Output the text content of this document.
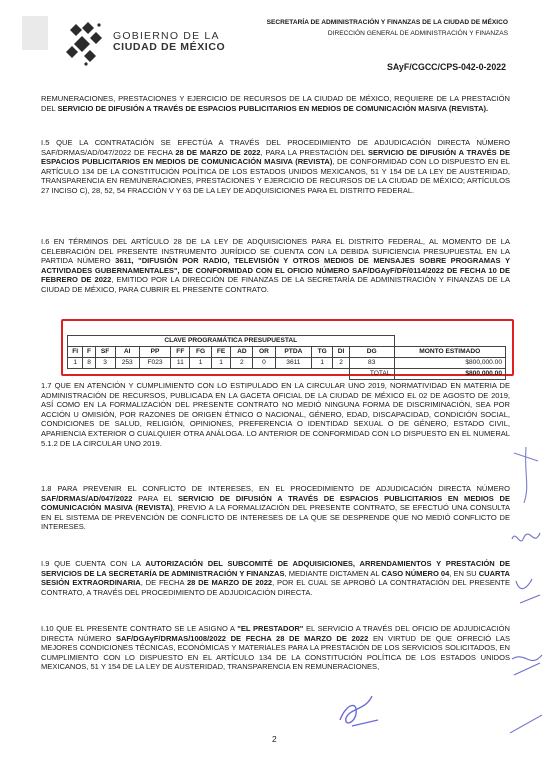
GOBIERNO DE LA
CIUDAD DE MÉXICO
SECRETARÍA DE ADMINISTRACIÓN Y FINANZAS DE LA CIUDAD DE MÉXICO
DIRECCIÓN GENERAL DE ADMINISTRACIÓN Y FINANZAS
SAyF/CGCC/CPS-042-0-2022

REMUNERACIONES, PRESTACIONES Y EJERCICIO DE RECURSOS DE LA CIUDAD DE MÉXICO, REQUIERE DE LA PRESTACIÓN DEL SERVICIO DE DIFUSIÓN A TRAVÉS DE ESPACIOS PUBLICITARIOS EN MEDIOS DE COMUNICACIÓN MASIVA (REVISTA).

I.5 QUE LA CONTRATACIÓN SE EFECTÚA A TRAVÉS DEL PROCEDIMIENTO DE ADJUDICACIÓN DIRECTA NÚMERO SAF/DRMAS/AD/047/2022 DE FECHA 28 DE MARZO DE 2022, PARA LA PRESTACIÓN DEL SERVICIO DE DIFUSIÓN A TRAVÉS DE ESPACIOS PUBLICITARIOS EN MEDIOS DE COMUNICACIÓN MASIVA (REVISTA), DE CONFORMIDAD CON LO DISPUESTO EN EL ARTÍCULO 134 DE LA CONSTITUCIÓN POLÍTICA DE LOS ESTADOS UNIDOS MEXICANOS, 51 Y 154 DE LA LEY DE AUSTERIDAD, TRANSPARENCIA EN REMUNERACIONES, PRESTACIONES Y EJERCICIO DE RECURSOS DE LA CIUDAD DE MÉXICO; ARTÍCULOS 27 INCISO C), 28, 52, 54 FRACCIÓN V Y 63 DE LA LEY DE ADQUISICIONES PARA EL DISTRITO FEDERAL.

I.6 EN TÉRMINOS DEL ARTÍCULO 28 DE LA LEY DE ADQUISICIONES PARA EL DISTRITO FEDERAL, AL MOMENTO DE LA CELEBRACIÓN DEL PRESENTE INSTRUMENTO JURÍDICO SE CUENTA CON LA DEBIDA SUFICIENCIA PRESUPUESTAL EN LA PARTIDA NÚMERO 3611, "DIFUSIÓN POR RADIO, TELEVISIÓN Y OTROS MEDIOS DE MENSAJES SOBRE PROGRAMAS Y ACTIVIDADES GUBERNAMENTALES", DE CONFORMIDAD CON EL OFICIO NÚMERO SAF/DGAyF/DF/0114/2022 DE FECHA 10 DE FEBRERO DE 2022, EMITIDO POR LA DIRECCIÓN DE FINANZAS DE LA SECRETARÍA DE ADMINISTRACIÓN Y FINANZAS DE LA CIUDAD DE MÉXICO, PARA CUBRIR EL PRESENTE CONTRATO.

1.7 QUE EN ATENCIÓN Y CUMPLIMIENTO CON LO ESTIPULADO EN LA CIRCULAR UNO 2019, NORMATIVIDAD EN MATERIA DE ADMINISTRACIÓN DE RECURSOS, PUBLICADA EN LA GACETA OFICIAL DE LA CIUDAD DE MÉXICO EL 02 DE AGOSTO DE 2019, ASÍ COMO EN LA FORMALIZACIÓN DEL PRESENTE CONTRATO NO MEDIÓ NINGUNA FORMA DE DISCRIMINACIÓN, SEA POR ACCIÓN U OMISIÓN, POR RAZONES DE ORIGEN ÉTNICO O NACIONAL, GÉNERO, EDAD, DISCAPACIDAD, CONDICIÓN SOCIAL, CONDICIONES DE SALUD, RELIGIÓN, OPINIONES, PREFERENCIA O IDENTIDAD SEXUAL O DE GÉNERO, ESTADO CIVIL, APARIENCIA EXTERIOR O CUALQUIER OTRA ANÁLOGA. LO ANTERIOR DE CONFORMIDAD CON LO DISPUESTO EN EL NUMERAL 5.1.2 DE LA CIRCULAR UNO 2019.

1.8 PARA PREVENIR EL CONFLICTO DE INTERESES, EN EL PROCEDIMIENTO DE ADJUDICACIÓN DIRECTA NÚMERO SAF/DRMAS/AD/047/2022 PARA EL SERVICIO DE DIFUSIÓN A TRAVÉS DE ESPACIOS PUBLICITARIOS EN MEDIOS DE COMUNICACIÓN MASIVA (REVISTA), PREVIO A LA FORMALIZACIÓN DEL PRESENTE CONTRATO, SE EFECTUÓ UNA CONSULTA EN EL SISTEMA DE PREVENCIÓN DE CONFLICTO DE INTERESES DE LA QUE SE DESPRENDE QUE NO MEDIÓ CONFLICTO DE INTERESES.

I.9 QUE CUENTA CON LA AUTORIZACIÓN DEL SUBCOMITÉ DE ADQUISICIONES, ARRENDAMIENTOS Y PRESTACIÓN DE SERVICIOS DE LA SECRETARÍA DE ADMINISTRACIÓN Y FINANZAS, MEDIANTE DICTAMEN AL CASO NÚMERO 04, EN SU CUARTA SESIÓN EXTRAORDINARIA, DE FECHA 28 DE MARZO DE 2022, POR EL CUAL SE APROBÓ LA CONTRATACIÓN DEL PRESENTE CONTRATO, A TRAVÉS DEL PROCEDIMIENTO DE ADJUDICACIÓN DIRECTA.

I.10 QUE EL PRESENTE CONTRATO SE LE ASIGNO A "EL PRESTADOR" EL SERVICIO A TRAVÉS DEL OFICIO DE ADJUDICACIÓN DIRECTA NÚMERO SAF/DGAyF/DRMAS/1008/2022 DE FECHA 28 DE MARZO DE 2022 EN VIRTUD DE QUE OFRECIÓ LAS MEJORES CONDICIONES TÉCNICAS, ECONÓMICAS Y MATERIALES PARA LA PRESTACIÓN DE LOS SERVICIOS SOLICITADOS, EN CUMPLIMIENTO CON LO DISPUESTO EN EL ARTÍCULO 134 DE LA CONSTITUCIÓN POLÍTICA DE LOS ESTADOS UNIDOS MEXICANOS, 51 Y 154 DE LA LEY DE AUSTERIDAD, TRANSPARENCIA EN REMUNERACIONES,

CLAVE PROGRAMÁTICA PRESUPUESTAL														
FI	F	SF	AI	PP	FF	FG	FE	AD	OR	PTDA	TG	DI	DG	MONTO ESTIMADO
1	8	3	253	F023	11	1	1	2	0	3611	1	2	83	$800,000.00
													TOTAL	$800,000.00
2
